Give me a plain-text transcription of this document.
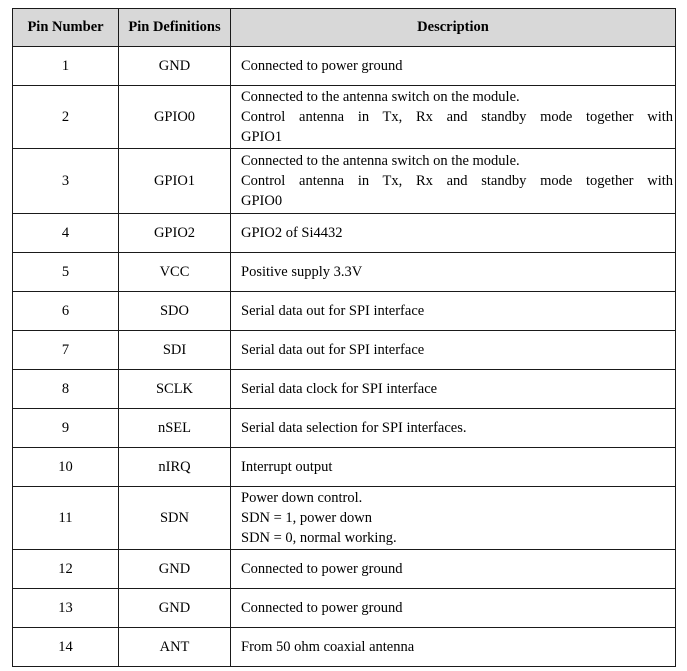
Pin Number	Pin Definitions	Description
1	GND	Connected to power ground

2	GPIO0	Connected to the antenna switch on the module.
Control antenna in Tx, Rx and standby mode together with
GPIO1

3	GPIO1	Connected to the antenna switch on the module.
Control antenna in Tx, Rx and standby mode together with
GPIO0

4	GPIO2	GPIO2 of Si4432

5	VCC	Positive supply 3.3V

6	SDO	Serial data out for SPI interface

7	SDI	Serial data out for SPI interface

8	SCLK	Serial data clock for SPI interface

9	nSEL	Serial data selection for SPI interfaces.

10	nIRQ	Interrupt output

11	SDN	Power down control.
SDN = 1, power down
SDN = 0, normal working.

12	GND	Connected to power ground

13	GND	Connected to power ground

14	ANT	From 50 ohm coaxial antenna
